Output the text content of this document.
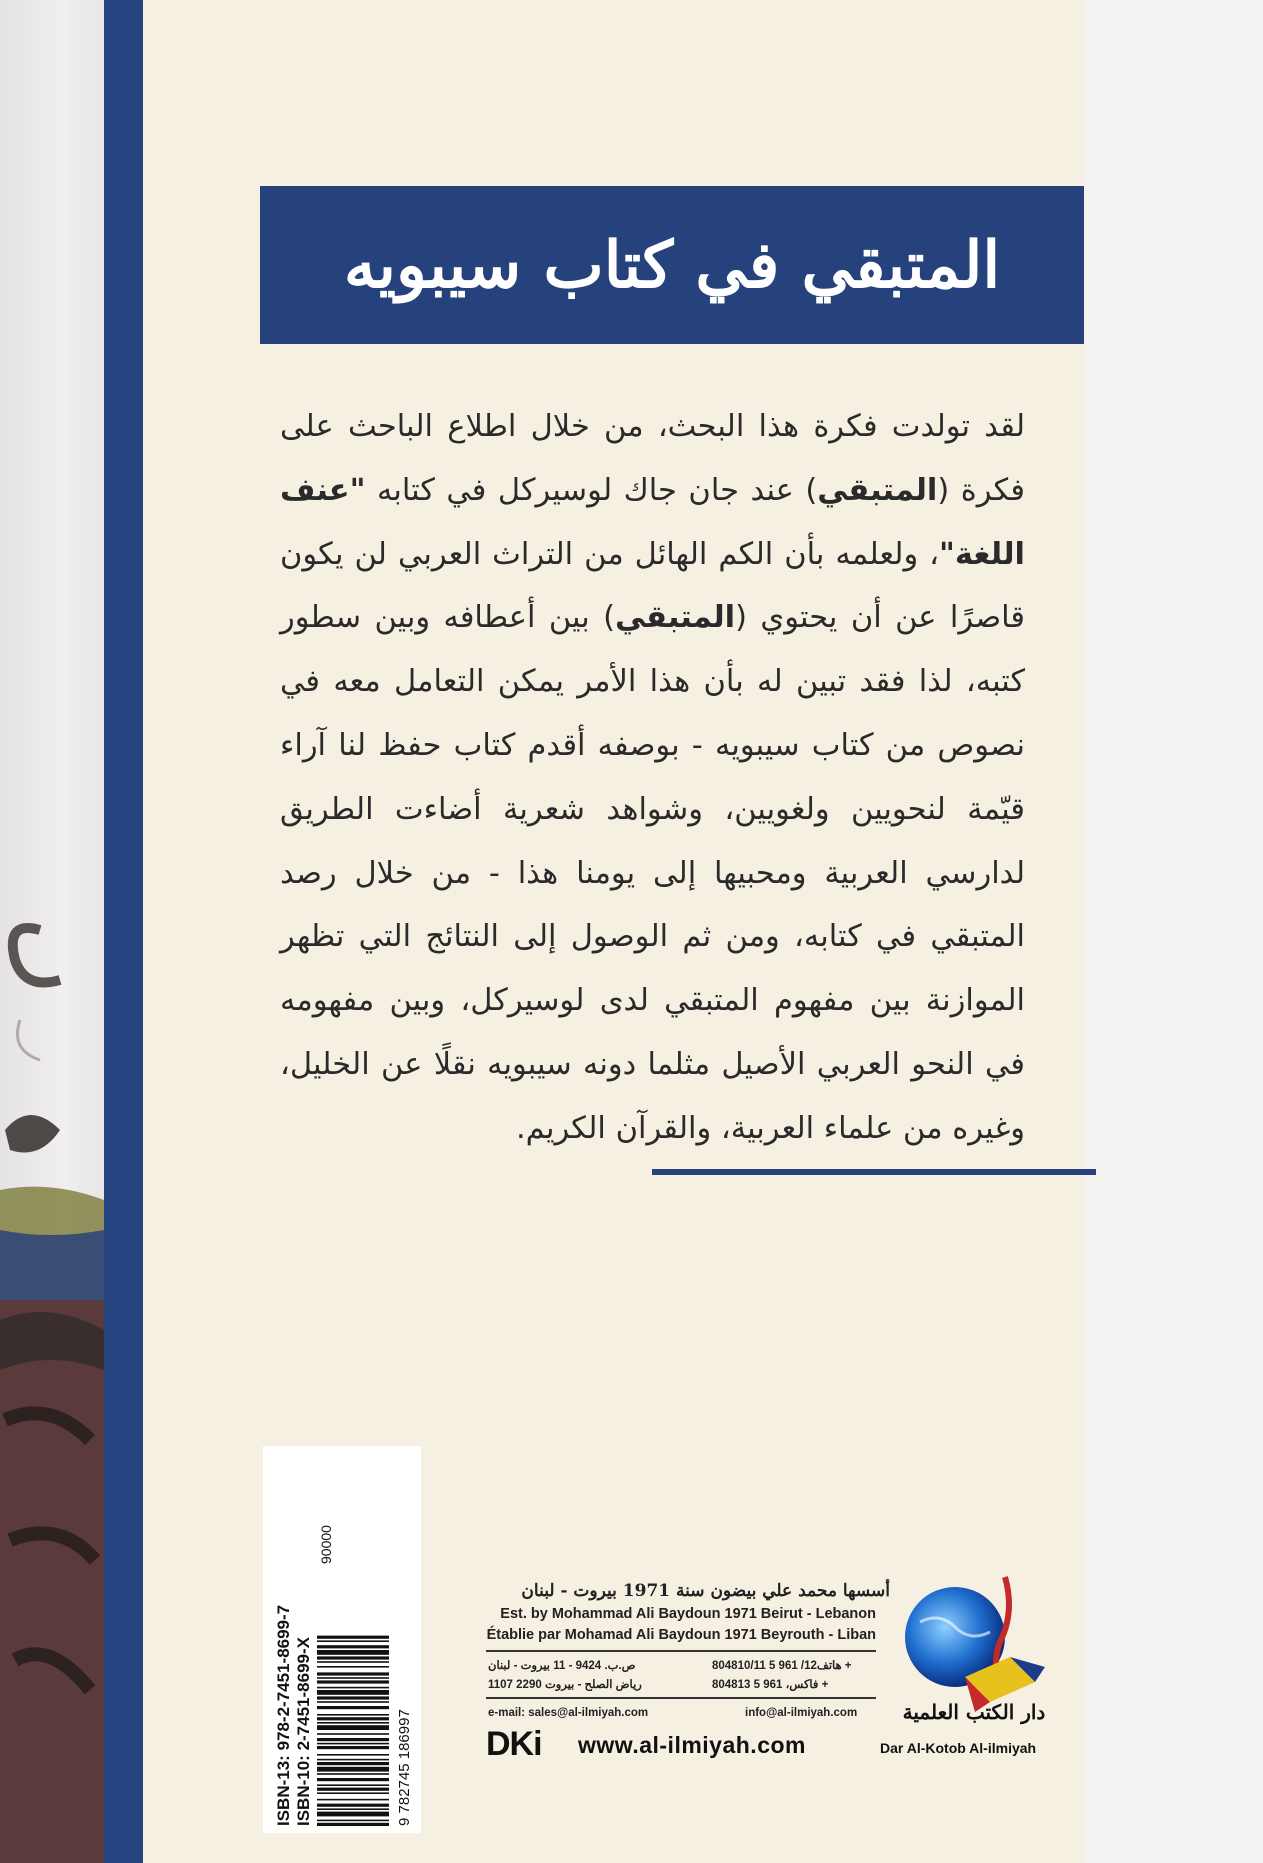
المتبقي في كتاب سيبويه

لقد تولدت فكرة هذا البحث، من خلال اطلاع الباحث على فكرة (المتبقي) عند جان جاك لوسيركل في كتابه "عنف اللغة"، ولعلمه بأن الكم الهائل من التراث العربي لن يكون قاصرًا عن أن يحتوي (المتبقي) بين أعطافه وبين سطور كتبه، لذا فقد تبين له بأن هذا الأمر يمكن التعامل معه في نصوص من كتاب سيبويه - بوصفه أقدم كتاب حفظ لنا آراء قيّمة لنحويين ولغويين، وشواهد شعرية أضاءت الطريق لدارسي العربية ومحبيها إلى يومنا هذا - من خلال رصد المتبقي في كتابه، ومن ثم الوصول إلى النتائج التي تظهر الموازنة بين مفهوم المتبقي لدى لوسيركل، وبين مفهومه في النحو العربي الأصيل مثلما دونه سيبويه نقلًا عن الخليل، وغيره من علماء العربية، والقرآن الكريم.

ISBN-13: 978-2-7451-8699-7 ISBN-10: 2-7451-8699-X
90000
9 782745 186997
أسسها محمد علي بيضون سنة 1971 بيروت - لبنان
Est. by Mohammad Ali Baydoun 1971 Beirut - Lebanon
Établie par Mohamad Ali Baydoun 1971 Beyrouth - Liban
هاتف12/ 961 5 804810/11 +
ص.ب. 9424 - 11 بيروت - لبنان
فاكس، 961 5 804813 +
رياض الصلح - بيروت 2290 1107
e-mail: sales@al-ilmiyah.com	info@al-ilmiyah.com
DKi www.al-ilmiyah.com	Dar Al-Kotob Al-ilmiyah
دار الكتب العلمية
